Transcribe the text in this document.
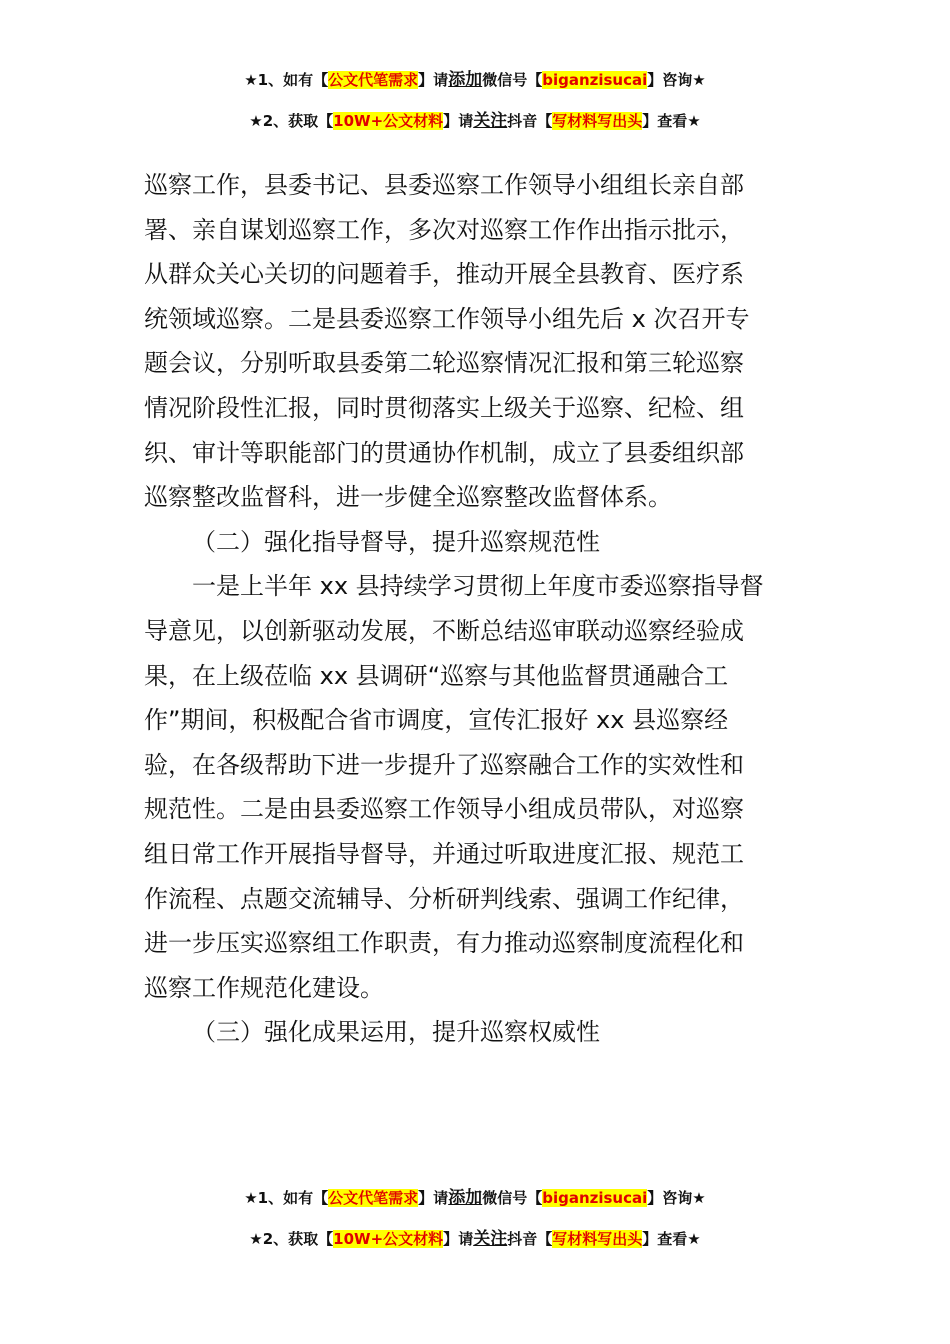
★1、如有【公文代笔需求】请添加微信号【biganzisucai】咨询★
★2、获取【10W+公文材料】请关注抖音【写材料写出头】查看★

巡察工作，县委书记、县委巡察工作领导小组组长亲自部

署、亲自谋划巡察工作，多次对巡察工作作出指示批示，

从群众关心关切的问题着手，推动开展全县教育、医疗系

统领域巡察。二是县委巡察工作领导小组先后 x 次召开专

题会议，分别听取县委第二轮巡察情况汇报和第三轮巡察

情况阶段性汇报，同时贯彻落实上级关于巡察、纪检、组

织、审计等职能部门的贯通协作机制，成立了县委组织部

巡察整改监督科，进一步健全巡察整改监督体系。

（二）强化指导督导，提升巡察规范性

一是上半年 xx 县持续学习贯彻上年度市委巡察指导督

导意见，以创新驱动发展，不断总结巡审联动巡察经验成

果，在上级莅临 xx 县调研“巡察与其他监督贯通融合工

作”期间，积极配合省市调度，宣传汇报好 xx 县巡察经

验，在各级帮助下进一步提升了巡察融合工作的实效性和

规范性。二是由县委巡察工作领导小组成员带队，对巡察

组日常工作开展指导督导，并通过听取进度汇报、规范工

作流程、点题交流辅导、分析研判线索、强调工作纪律，

进一步压实巡察组工作职责，有力推动巡察制度流程化和

巡察工作规范化建设。

（三）强化成果运用，提升巡察权威性

★1、如有【公文代笔需求】请添加微信号【biganzisucai】咨询★
★2、获取【10W+公文材料】请关注抖音【写材料写出头】查看★
